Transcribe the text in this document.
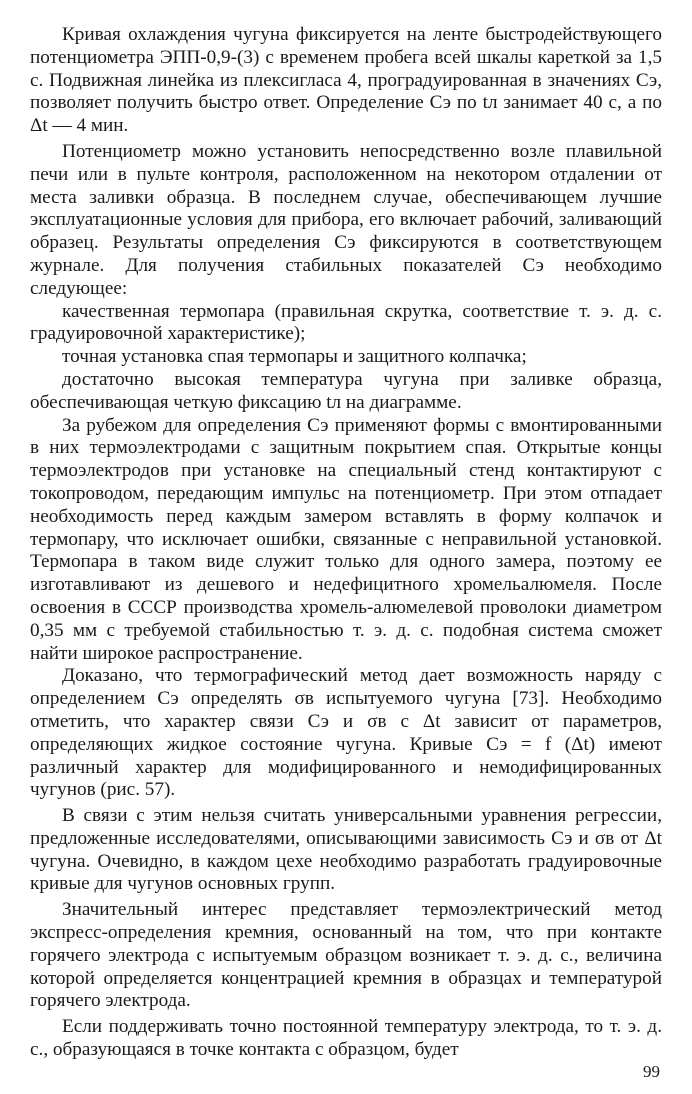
Кривая охлаждения чугуна фиксируется на ленте быстродействующего потенциометра ЭПП-0,9-(3) с временем пробега всей шкалы кареткой за 1,5 с. Подвижная линейка из плексигласа 4, проградуированная в значениях Сэ, позволяет получить быстро ответ. Определение Сэ по tл занимает 40 с, а по Δt — 4 мин.

Потенциометр можно установить непосредственно возле плавильной печи или в пульте контроля, расположенном на некотором отдалении от места заливки образца. В последнем случае, обеспечивающем лучшие эксплуатационные условия для прибора, его включает рабочий, заливающий образец. Результаты определения Сэ фиксируются в соответствующем журнале. Для получения стабильных показателей Сэ необходимо следующее:

качественная термопара (правильная скрутка, соответствие т. э. д. с. градуировочной характеристике);

точная установка спая термопары и защитного колпачка;

достаточно высокая температура чугуна при заливке образца, обеспечивающая четкую фиксацию tл на диаграмме.

За рубежом для определения Сэ применяют формы с вмонтированными в них термоэлектродами с защитным покрытием спая. Открытые концы термоэлектродов при установке на специальный стенд контактируют с токопроводом, передающим импульс на потенциометр. При этом отпадает необходимость перед каждым замером вставлять в форму колпачок и термопару, что исключает ошибки, связанные с неправильной установкой. Термопара в таком виде служит только для одного замера, поэтому ее изготавливают из дешевого и недефицитного хромельалюмеля. После освоения в СССР производства хромель-алюмелевой проволоки диаметром 0,35 мм с требуемой стабильностью т. э. д. с. подобная система сможет найти широкое распространение.

Доказано, что термографический метод дает возможность наряду с определением Сэ определять σв испытуемого чугуна [73]. Необходимо отметить, что характер связи Сэ и σв с Δt зависит от параметров, определяющих жидкое состояние чугуна. Кривые Сэ = f (Δt) имеют различный характер для модифицированного и немодифицированных чугунов (рис. 57).

В связи с этим нельзя считать универсальными уравнения регрессии, предложенные исследователями, описывающими зависимость Сэ и σв от Δt чугуна. Очевидно, в каждом цехе необходимо разработать градуировочные кривые для чугунов основных групп.

Значительный интерес представляет термоэлектрический метод экспресс-определения кремния, основанный на том, что при контакте горячего электрода с испытуемым образцом возникает т. э. д. с., величина которой определяется концентрацией кремния в образцах и температурой горячего электрода.

Если поддерживать точно постоянной температуру электрода, то т. э. д. с., образующаяся в точке контакта с образцом, будет

99
